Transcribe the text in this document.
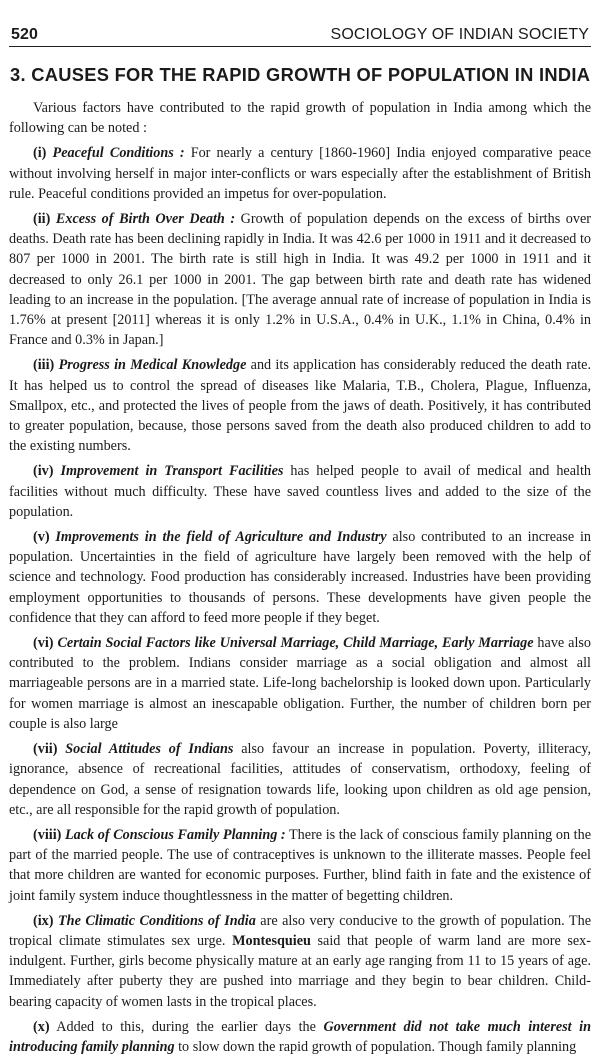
520	SOCIOLOGY OF INDIAN SOCIETY
3. CAUSES FOR THE RAPID GROWTH OF POPULATION IN INDIA

Various factors have contributed to the rapid growth of population in India among which the following can be noted :

(i) Peaceful Conditions : For nearly a century [1860-1960] India enjoyed comparative peace without involving herself in major inter-conflicts or wars especially after the establishment of British rule. Peaceful conditions provided an impetus for over-population.

(ii) Excess of Birth Over Death : Growth of population depends on the excess of births over deaths. Death rate has been declining rapidly in India. It was 42.6 per 1000 in 1911 and it decreased to 807 per 1000 in 2001. The birth rate is still high in India. It was 49.2 per 1000 in 1911 and it decreased to only 26.1 per 1000 in 2001. The gap between birth rate and death rate has widened leading to an increase in the population. [The average annual rate of increase of population in India is 1.76% at present [2011] whereas it is only 1.2% in U.S.A., 0.4% in U.K., 1.1% in China, 0.4% in France and 0.3% in Japan.]

(iii) Progress in Medical Knowledge and its application has considerably reduced the death rate. It has helped us to control the spread of diseases like Malaria, T.B., Cholera, Plague, Influenza, Smallpox, etc., and protected the lives of people from the jaws of death. Positively, it has contributed to greater population, because, those persons saved from the death also produced children to add to the existing numbers.

(iv) Improvement in Transport Facilities has helped people to avail of medical and health facilities without much difficulty. These have saved countless lives and added to the size of the population.

(v) Improvements in the field of Agriculture and Industry also contributed to an increase in population. Uncertainties in the field of agriculture have largely been removed with the help of science and technology. Food production has considerably increased. Industries have been providing employment opportunities to thousands of persons. These developments have given people the confidence that they can afford to feed more people if they beget.

(vi) Certain Social Factors like Universal Marriage, Child Marriage, Early Marriage have also contributed to the problem. Indians consider marriage as a social obligation and almost all marriageable persons are in a married state. Life-long bachelorship is looked down upon. Particularly for women marriage is almost an inescapable obligation. Further, the number of children born per couple is also large

(vii) Social Attitudes of Indians also favour an increase in population. Poverty, illiteracy, ignorance, absence of recreational facilities, attitudes of conservatism, orthodoxy, feeling of dependence on God, a sense of resignation towards life, looking upon children as old age pension, etc., are all responsible for the rapid growth of population.

(viii) Lack of Conscious Family Planning : There is the lack of conscious family planning on the part of the married people. The use of contraceptives is unknown to the illiterate masses. People feel that more children are wanted for economic purposes. Further, blind faith in fate and the existence of joint family system induce thoughtlessness in the matter of begetting children.

(ix) The Climatic Conditions of India are also very conducive to the growth of population. The tropical climate stimulates sex urge. Montesquieu said that people of warm land are more sex-indulgent. Further, girls become physically mature at an early age ranging from 11 to 15 years of age. Immediately after puberty they are pushed into marriage and they begin to bear children. Child-bearing capacity of women lasts in the tropical places.

(x) Added to this, during the earlier days the Government did not take much interest in introducing family planning to slow down the rapid growth of population. Though family planning
